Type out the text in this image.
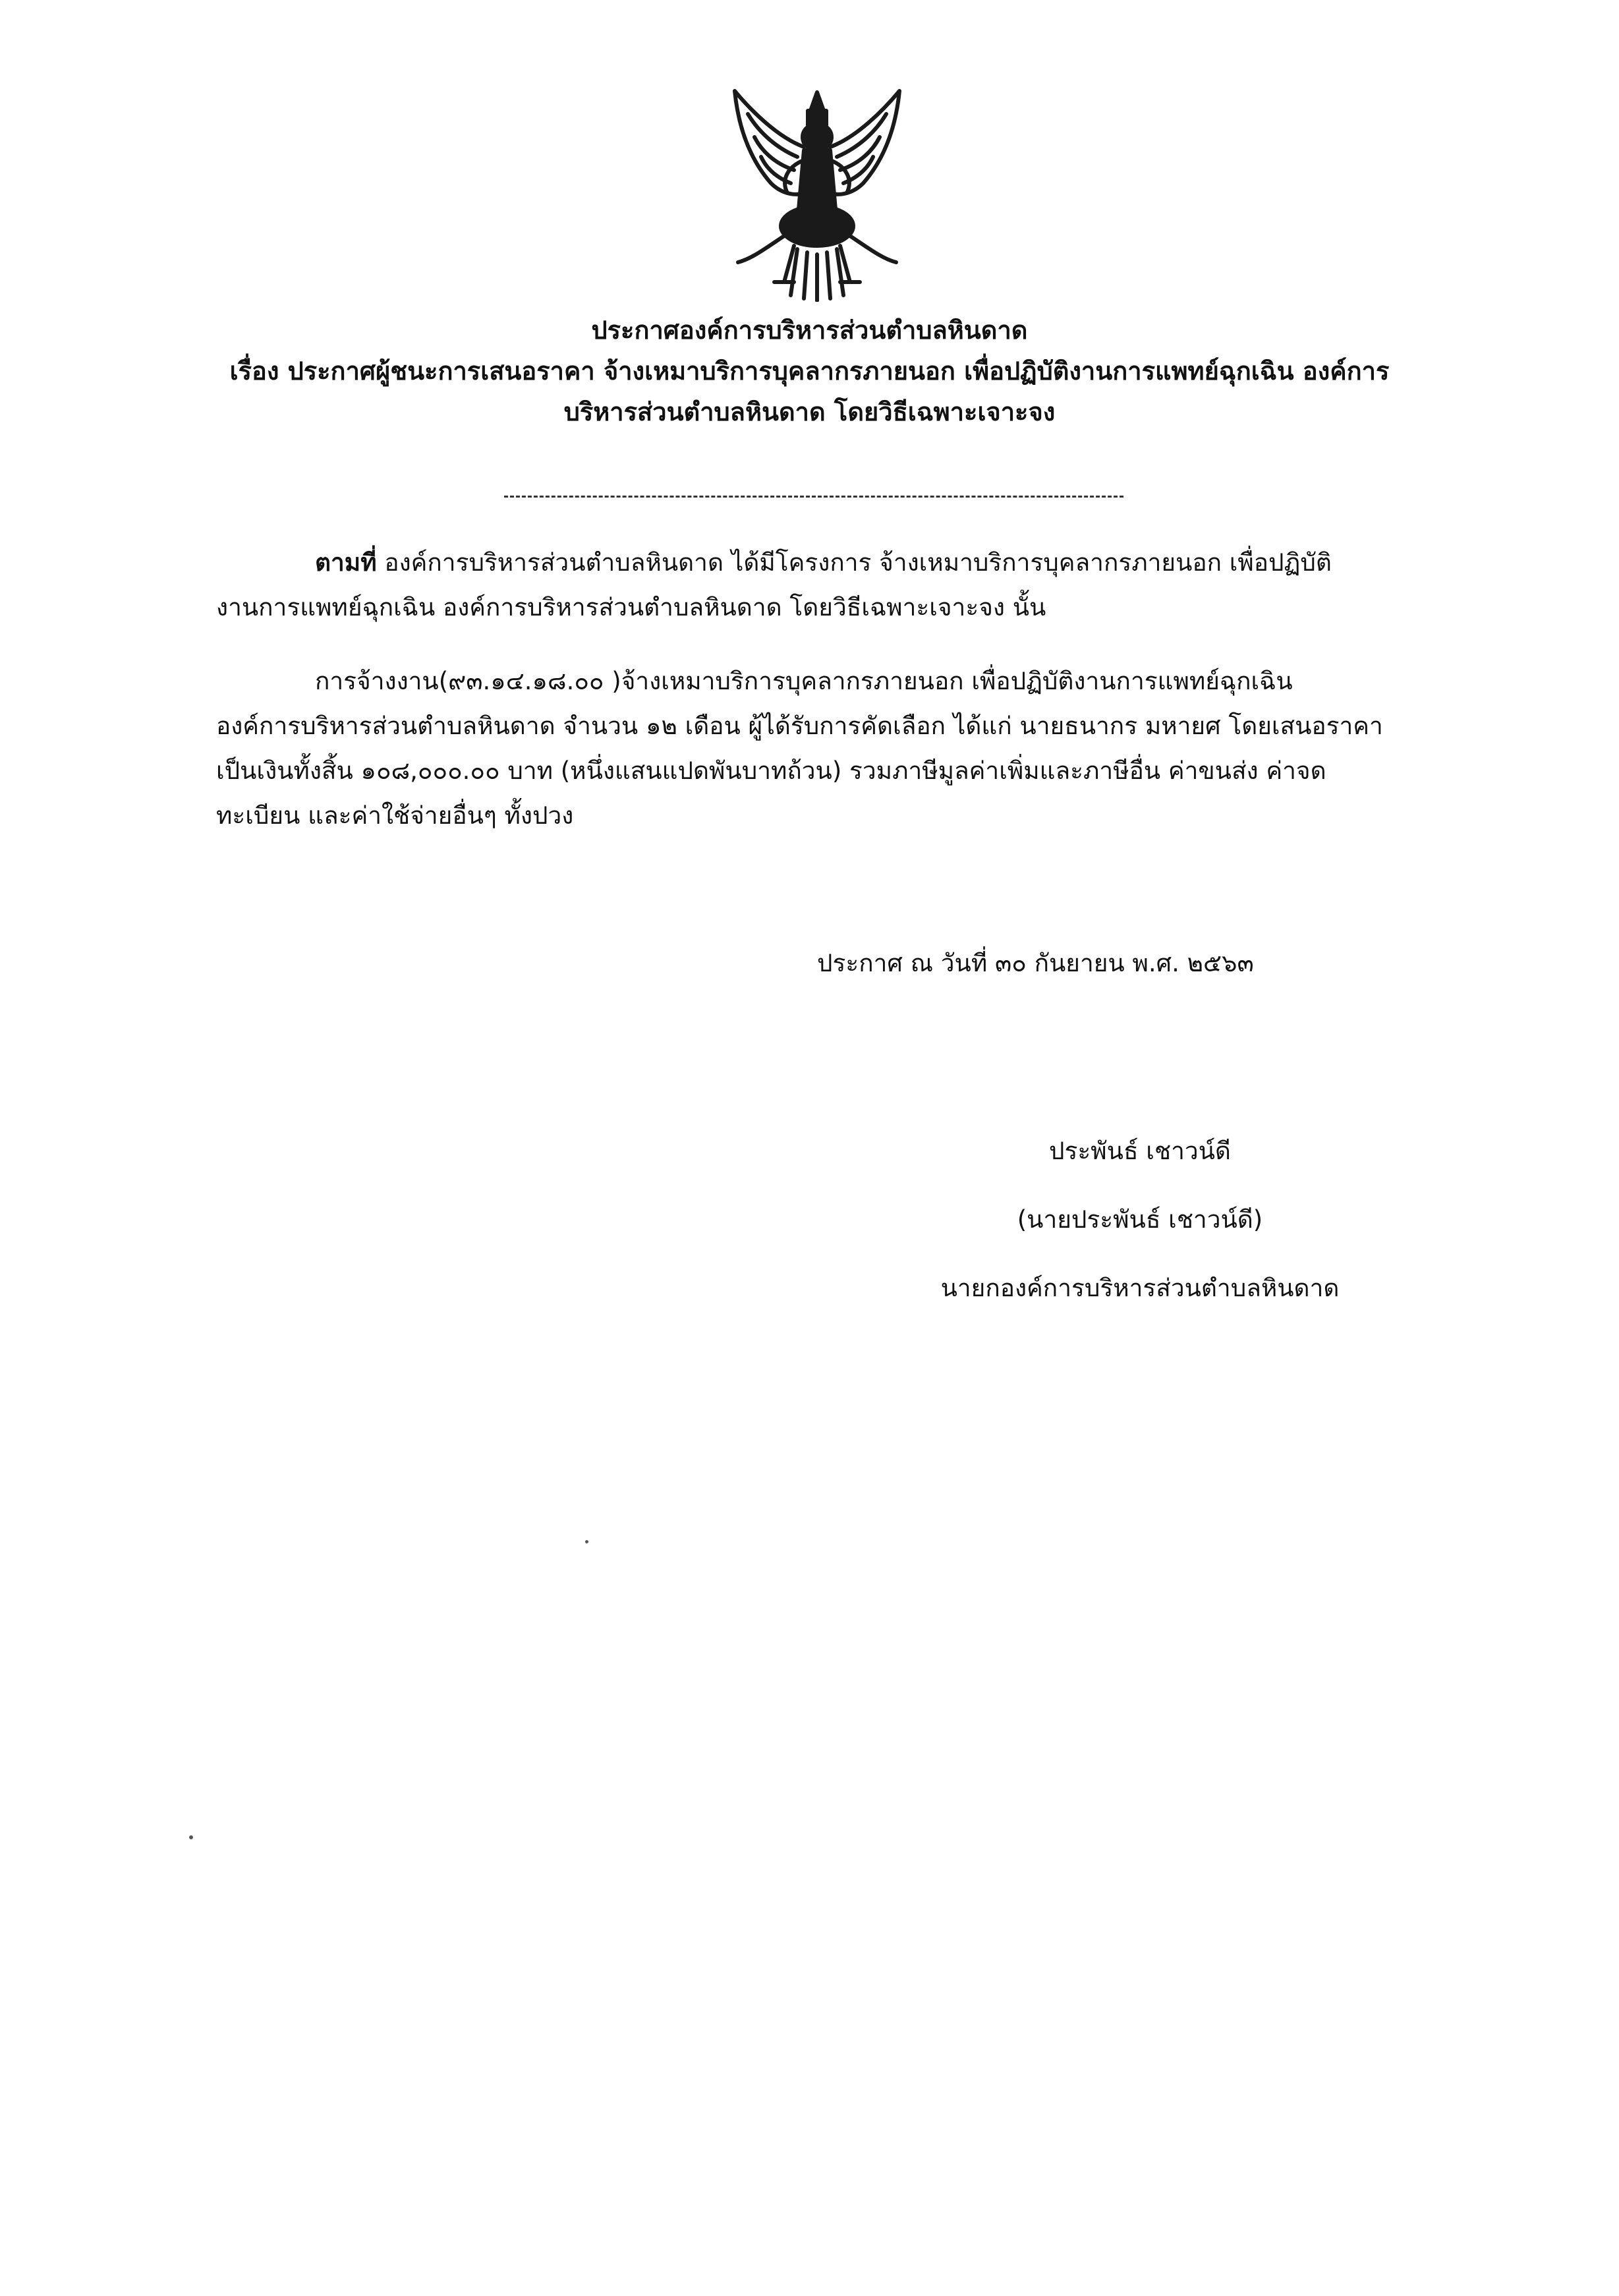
ประกาศองค์การบริหารส่วนตำบลหินดาด
เรื่อง ประกาศผู้ชนะการเสนอราคา จ้างเหมาบริการบุคลากรภายนอก เพื่อปฏิบัติงานการแพทย์ฉุกเฉิน องค์การ
บริหารส่วนตำบลหินดาด โดยวิธีเฉพาะเจาะจง
ตามที่ องค์การบริหารส่วนตำบลหินดาด ได้มีโครงการ จ้างเหมาบริการบุคลากรภายนอก เพื่อปฏิบัติ
งานการแพทย์ฉุกเฉิน องค์การบริหารส่วนตำบลหินดาด โดยวิธีเฉพาะเจาะจง นั้น
การจ้างงาน(๙๓.๑๔.๑๘.๐๐ )จ้างเหมาบริการบุคลากรภายนอก เพื่อปฏิบัติงานการแพทย์ฉุกเฉิน
องค์การบริหารส่วนตำบลหินดาด จำนวน ๑๒ เดือน ผู้ได้รับการคัดเลือก ได้แก่ นายธนากร มหายศ โดยเสนอราคา
เป็นเงินทั้งสิ้น ๑๐๘,๐๐๐.๐๐ บาท (หนึ่งแสนแปดพันบาทถ้วน) รวมภาษีมูลค่าเพิ่มและภาษีอื่น ค่าขนส่ง ค่าจด
ทะเบียน และค่าใช้จ่ายอื่นๆ ทั้งปวง
ประกาศ ณ วันที่ ๓๐ กันยายน พ.ศ. ๒๕๖๓
ประพันธ์ เชาวน์ดี
(นายประพันธ์ เชาวน์ดี)
นายกองค์การบริหารส่วนตำบลหินดาด
